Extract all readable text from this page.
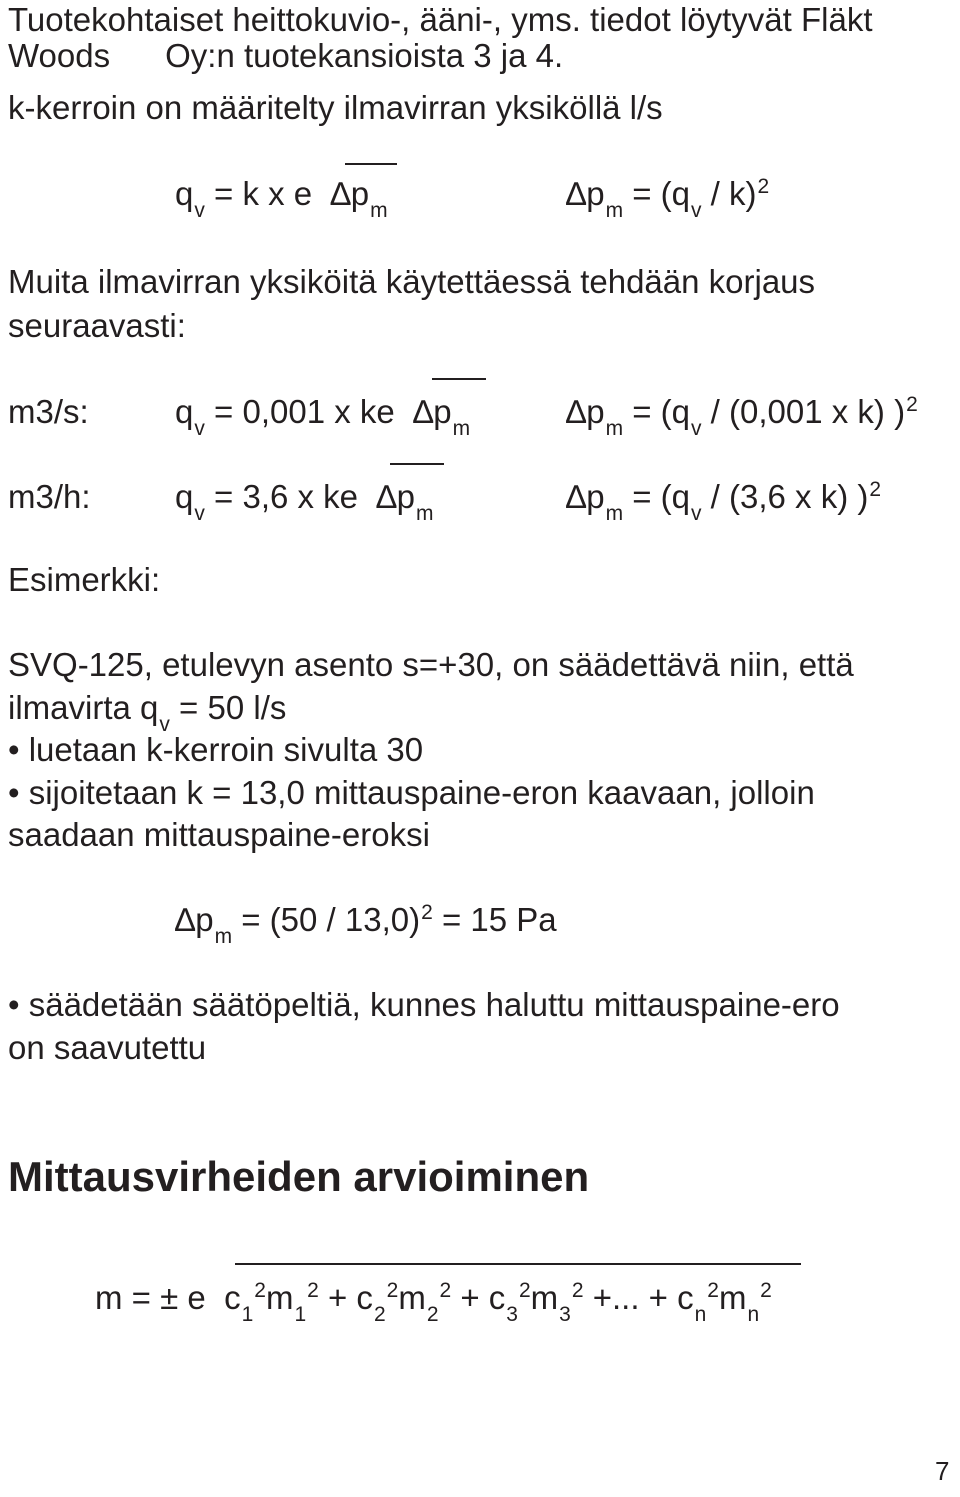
Tuotekohtaiset heittokuvio-, ääni-, yms. tiedot löytyvät Fläkt
Woods      Oy:n tuotekansioista 3 ja 4.
k-kerroin on määritelty ilmavirran yksiköllä l/s
$q_v = k$ x e  $\Delta p_m$	$\Delta p_m = (q_v / k)^2$
Muita ilmavirran yksiköitä käytettäessä tehdään korjaus
seuraavasti:
m3/s:	$q_v = 0,001$ x ke  $\Delta p_m$	$\Delta p_m = (q_v / (0,001$ x k) )$^2$
m3/h:	$q_v = 3,6$ x ke  $\Delta p_m$	$\Delta p_m = (q_v / (3,6$ x k) )$^2$
Esimerkki:
SVQ-125, etulevyn asento s=+30, on säädettävä niin, että
ilmavirta $q_v = 50$ l/s
• luetaan k-kerroin sivulta 30
• sijoitetaan k = 13,0 mittauspaine-eron kaavaan, jolloin
saadaan mittauspaine-eroksi
$\Delta p_m = (50 / 13,0)^2 = 15$ Pa
• säädetään säätöpeltiä, kunnes haluttu mittauspaine-ero
on saavutettu
Mittausvirheiden arvioiminen
m = ± e  $c_1^2m_1^2 + c_2^2m_2^2 + c_3^2m_3^2$ +... + $c_n^2m_n^2$
7
